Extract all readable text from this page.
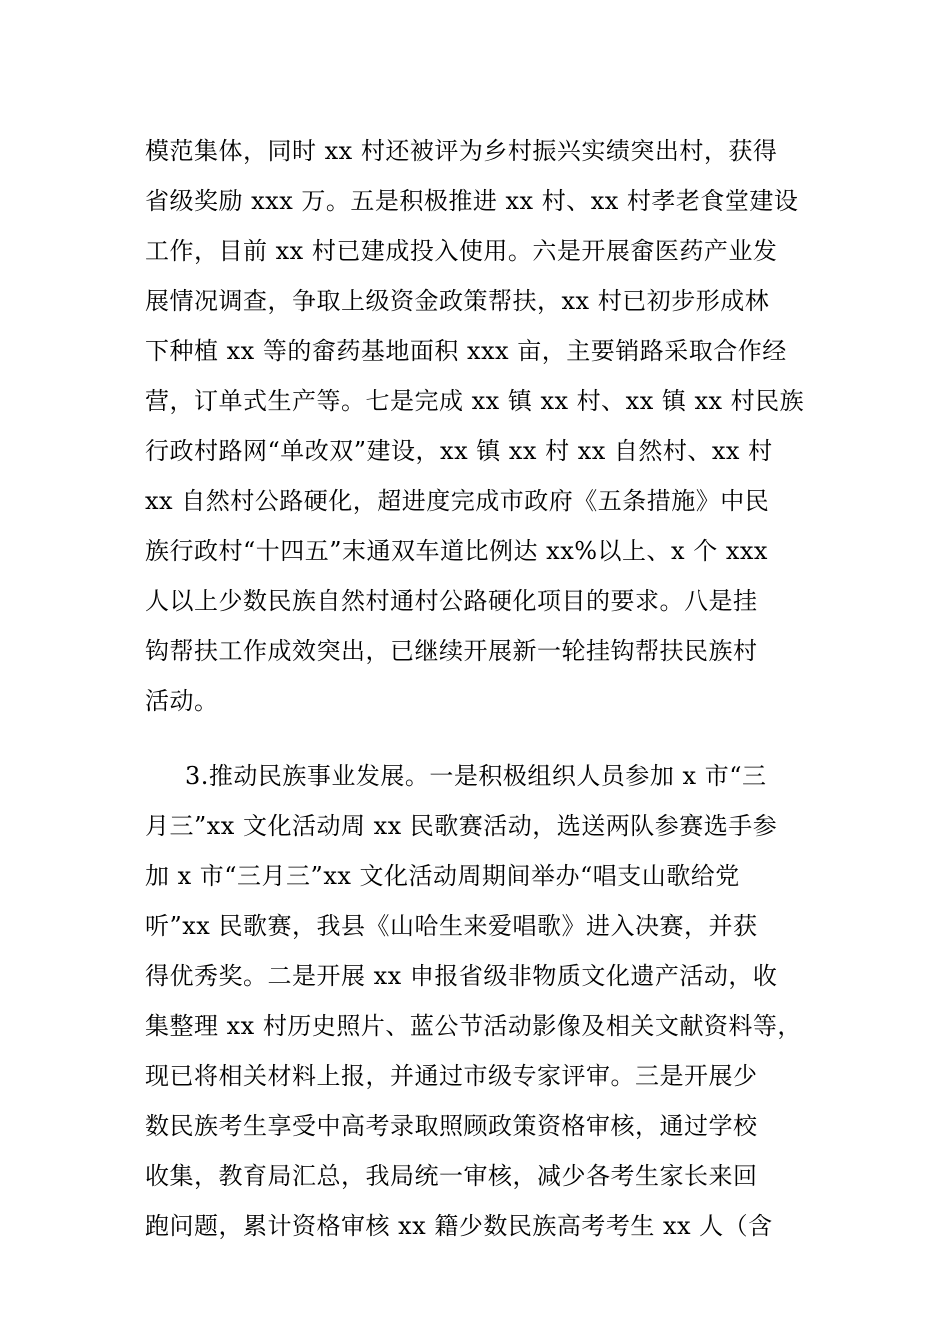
模范集体，同时 xx 村还被评为乡村振兴实绩突出村，获得
省级奖励 xxx 万。五是积极推进 xx 村、xx 村孝老食堂建设
工作，目前 xx 村已建成投入使用。六是开展畲医药产业发
展情况调查，争取上级资金政策帮扶，xx 村已初步形成林
下种植 xx 等的畲药基地面积 xxx 亩，主要销路采取合作经
营，订单式生产等。七是完成 xx 镇 xx 村、xx 镇 xx 村民族
行政村路网“单改双”建设，xx 镇 xx 村 xx 自然村、xx 村
xx 自然村公路硬化，超进度完成市政府《五条措施》中民
族行政村“十四五”末通双车道比例达 xx%以上、x 个 xxx
人以上少数民族自然村通村公路硬化项目的要求。八是挂
钩帮扶工作成效突出，已继续开展新一轮挂钩帮扶民族村
活动。
3.推动民族事业发展。一是积极组织人员参加 x 市“三
月三”xx 文化活动周 xx 民歌赛活动，选送两队参赛选手参
加 x 市“三月三”xx 文化活动周期间举办“唱支山歌给党
听”xx 民歌赛，我县《山哈生来爱唱歌》进入决赛，并获
得优秀奖。二是开展 xx 申报省级非物质文化遗产活动，收
集整理 xx 村历史照片、蓝公节活动影像及相关文献资料等，
现已将相关材料上报，并通过市级专家评审。三是开展少
数民族考生享受中高考录取照顾政策资格审核，通过学校
收集，教育局汇总，我局统一审核，减少各考生家长来回
跑问题，累计资格审核 xx 籍少数民族高考考生 xx 人（含
